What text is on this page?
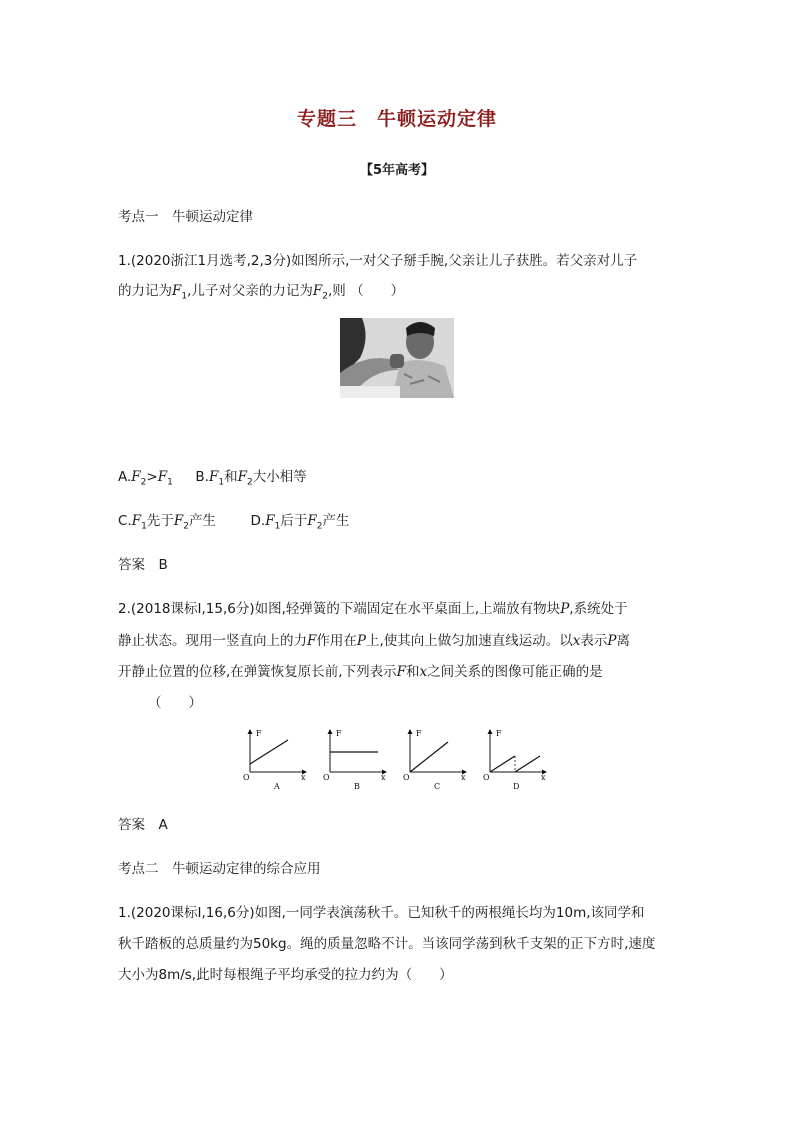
专题三　牛顿运动定律
【5年高考】
考点一　牛顿运动定律
1.(2020浙江1月选考,2,3分)如图所示,一对父子掰手腕,父亲让儿子获胜。若父亲对儿子
的力记为$F_1$,儿子对父亲的力记为$F_2$,则 （　　）
$A.F_2>F_1$ $B.F_1$和$F_2$大小相等
$C.F_1$先于$F_2$产生	$D.F_1$后于$F_2$产生
答案　B
2.(2018课标Ⅰ,15,6分)如图,轻弹簧的下端固定在水平桌面上,上端放有物块P,系统处于
静止状态。现用一竖直向上的力F作用在P上,使其向上做匀加速直线运动。以x表示P离
开静止位置的位移,在弹簧恢复原长前,下列表示F和x之间关系的图像可能正确的是
（　　）
F
O	x
A
F
O	x
B
F
O	x
C
F
O	x
D
答案　A
考点二　牛顿运动定律的综合应用
1.(2020课标Ⅰ,16,6分)如图,一同学表演荡秋千。已知秋千的两根绳长均为10m,该同学和
秋千踏板的总质量约为50kg。绳的质量忽略不计。当该同学荡到秋千支架的正下方时,速度
大小为8m/s,此时每根绳子平均承受的拉力约为（　　）
